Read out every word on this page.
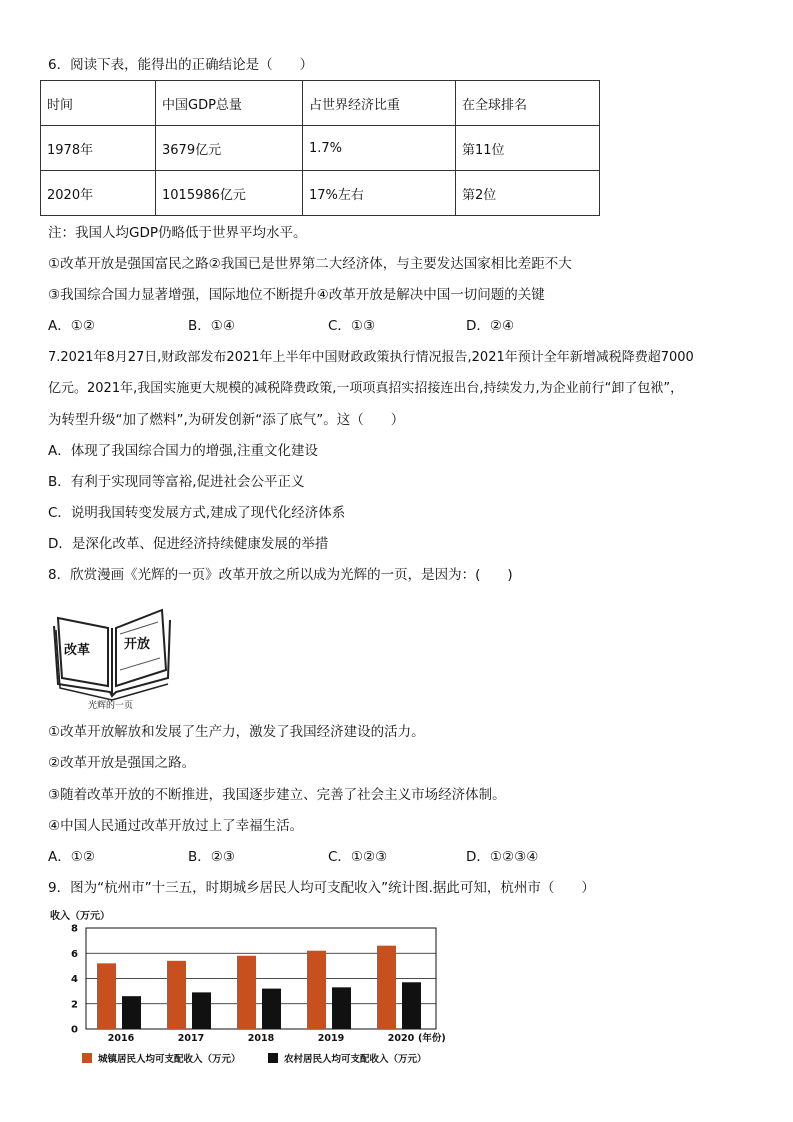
6．阅读下表，能得出的正确结论是（　　）
时间	中国GDP总量	占世界经济比重	在全球排名
1978年	3679亿元	1.7%	第11位
2020年	1015986亿元	17%左右	第2位
注：我国人均GDP仍略低于世界平均水平。
①改革开放是强国富民之路②我国已是世界第二大经济体，与主要发达国家相比差距不大
③我国综合国力显著增强，国际地位不断提升④改革开放是解决中国一切问题的关键
A．①②	B．①④	C．①③	D．②④
7.2021年8月27日,财政部发布2021年上半年中国财政政策执行情况报告,2021年预计全年新增减税降费超7000
亿元。2021年,我国实施更大规模的减税降费政策,一项项真招实招接连出台,持续发力,为企业前行“卸了包袱”，
为转型升级“加了燃料”,为研发创新“添了底气”。这（　　）
A．体现了我国综合国力的增强,注重文化建设
B．有利于实现同等富裕,促进社会公平正义
C．说明我国转变发展方式,建成了现代化经济体系
D．是深化改革、促进经济持续健康发展的举措
8．欣赏漫画《光辉的一页》改革开放之所以成为光辉的一页，是因为：(　　)
改革	开放
光辉的一页
①改革开放解放和发展了生产力，激发了我国经济建设的活力。
②改革开放是强国之路。
③随着改革开放的不断推进，我国逐步建立、完善了社会主义市场经济体制。
④中国人民通过改革开放过上了幸福生活。
A．①②	B．②③	C．①②③	D．①②③④
9．图为“杭州市”十三五，时期城乡居民人均可支配收入”统计图.据此可知，杭州市（　　）
收入（万元）
0
2
4
6
8
2016	2017	2018	2019	2020 (年份)
城镇居民人均可支配收入（万元）	农村居民人均可支配收入（万元）
